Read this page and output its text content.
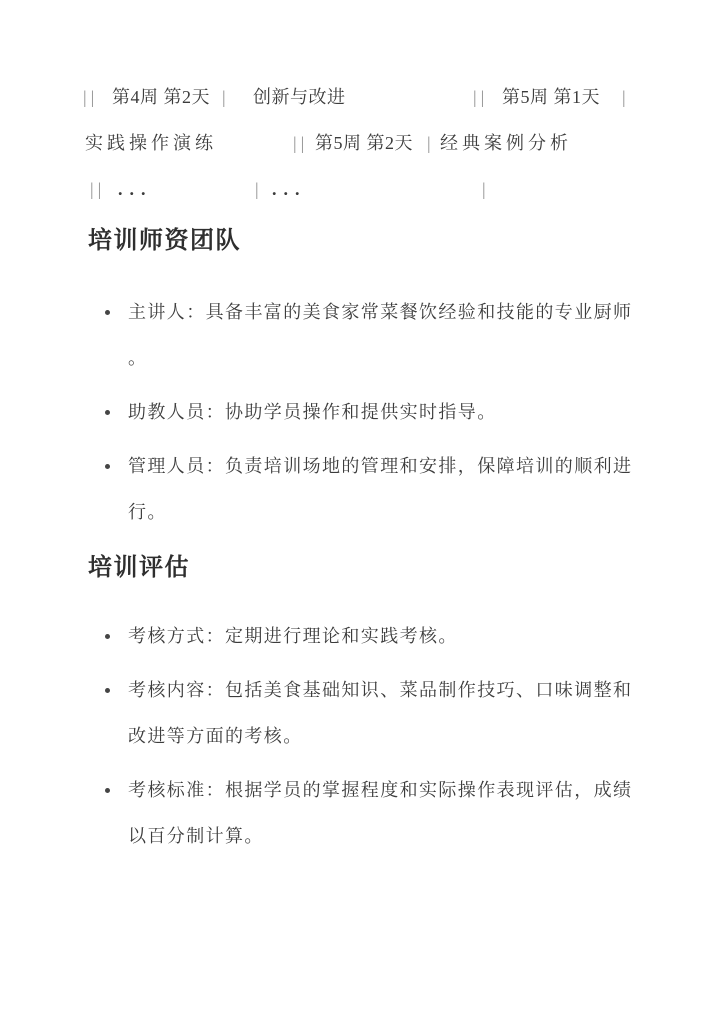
|| 第4周 第2天 | 创新与改进	|| 第5周 第1天 |
实践操作演练	|| 第5周 第2天 | 经典案例分析
|| ...	| ...	|
培训师资团队
主讲人：具备丰富的美食家常菜餐饮经验和技能的专业厨师
。
助教人员：协助学员操作和提供实时指导。
管理人员：负责培训场地的管理和安排，保障培训的顺利进
行。
培训评估
考核方式：定期进行理论和实践考核。
考核内容：包括美食基础知识、菜品制作技巧、口味调整和
改进等方面的考核。
考核标准：根据学员的掌握程度和实际操作表现评估，成绩
以百分制计算。
